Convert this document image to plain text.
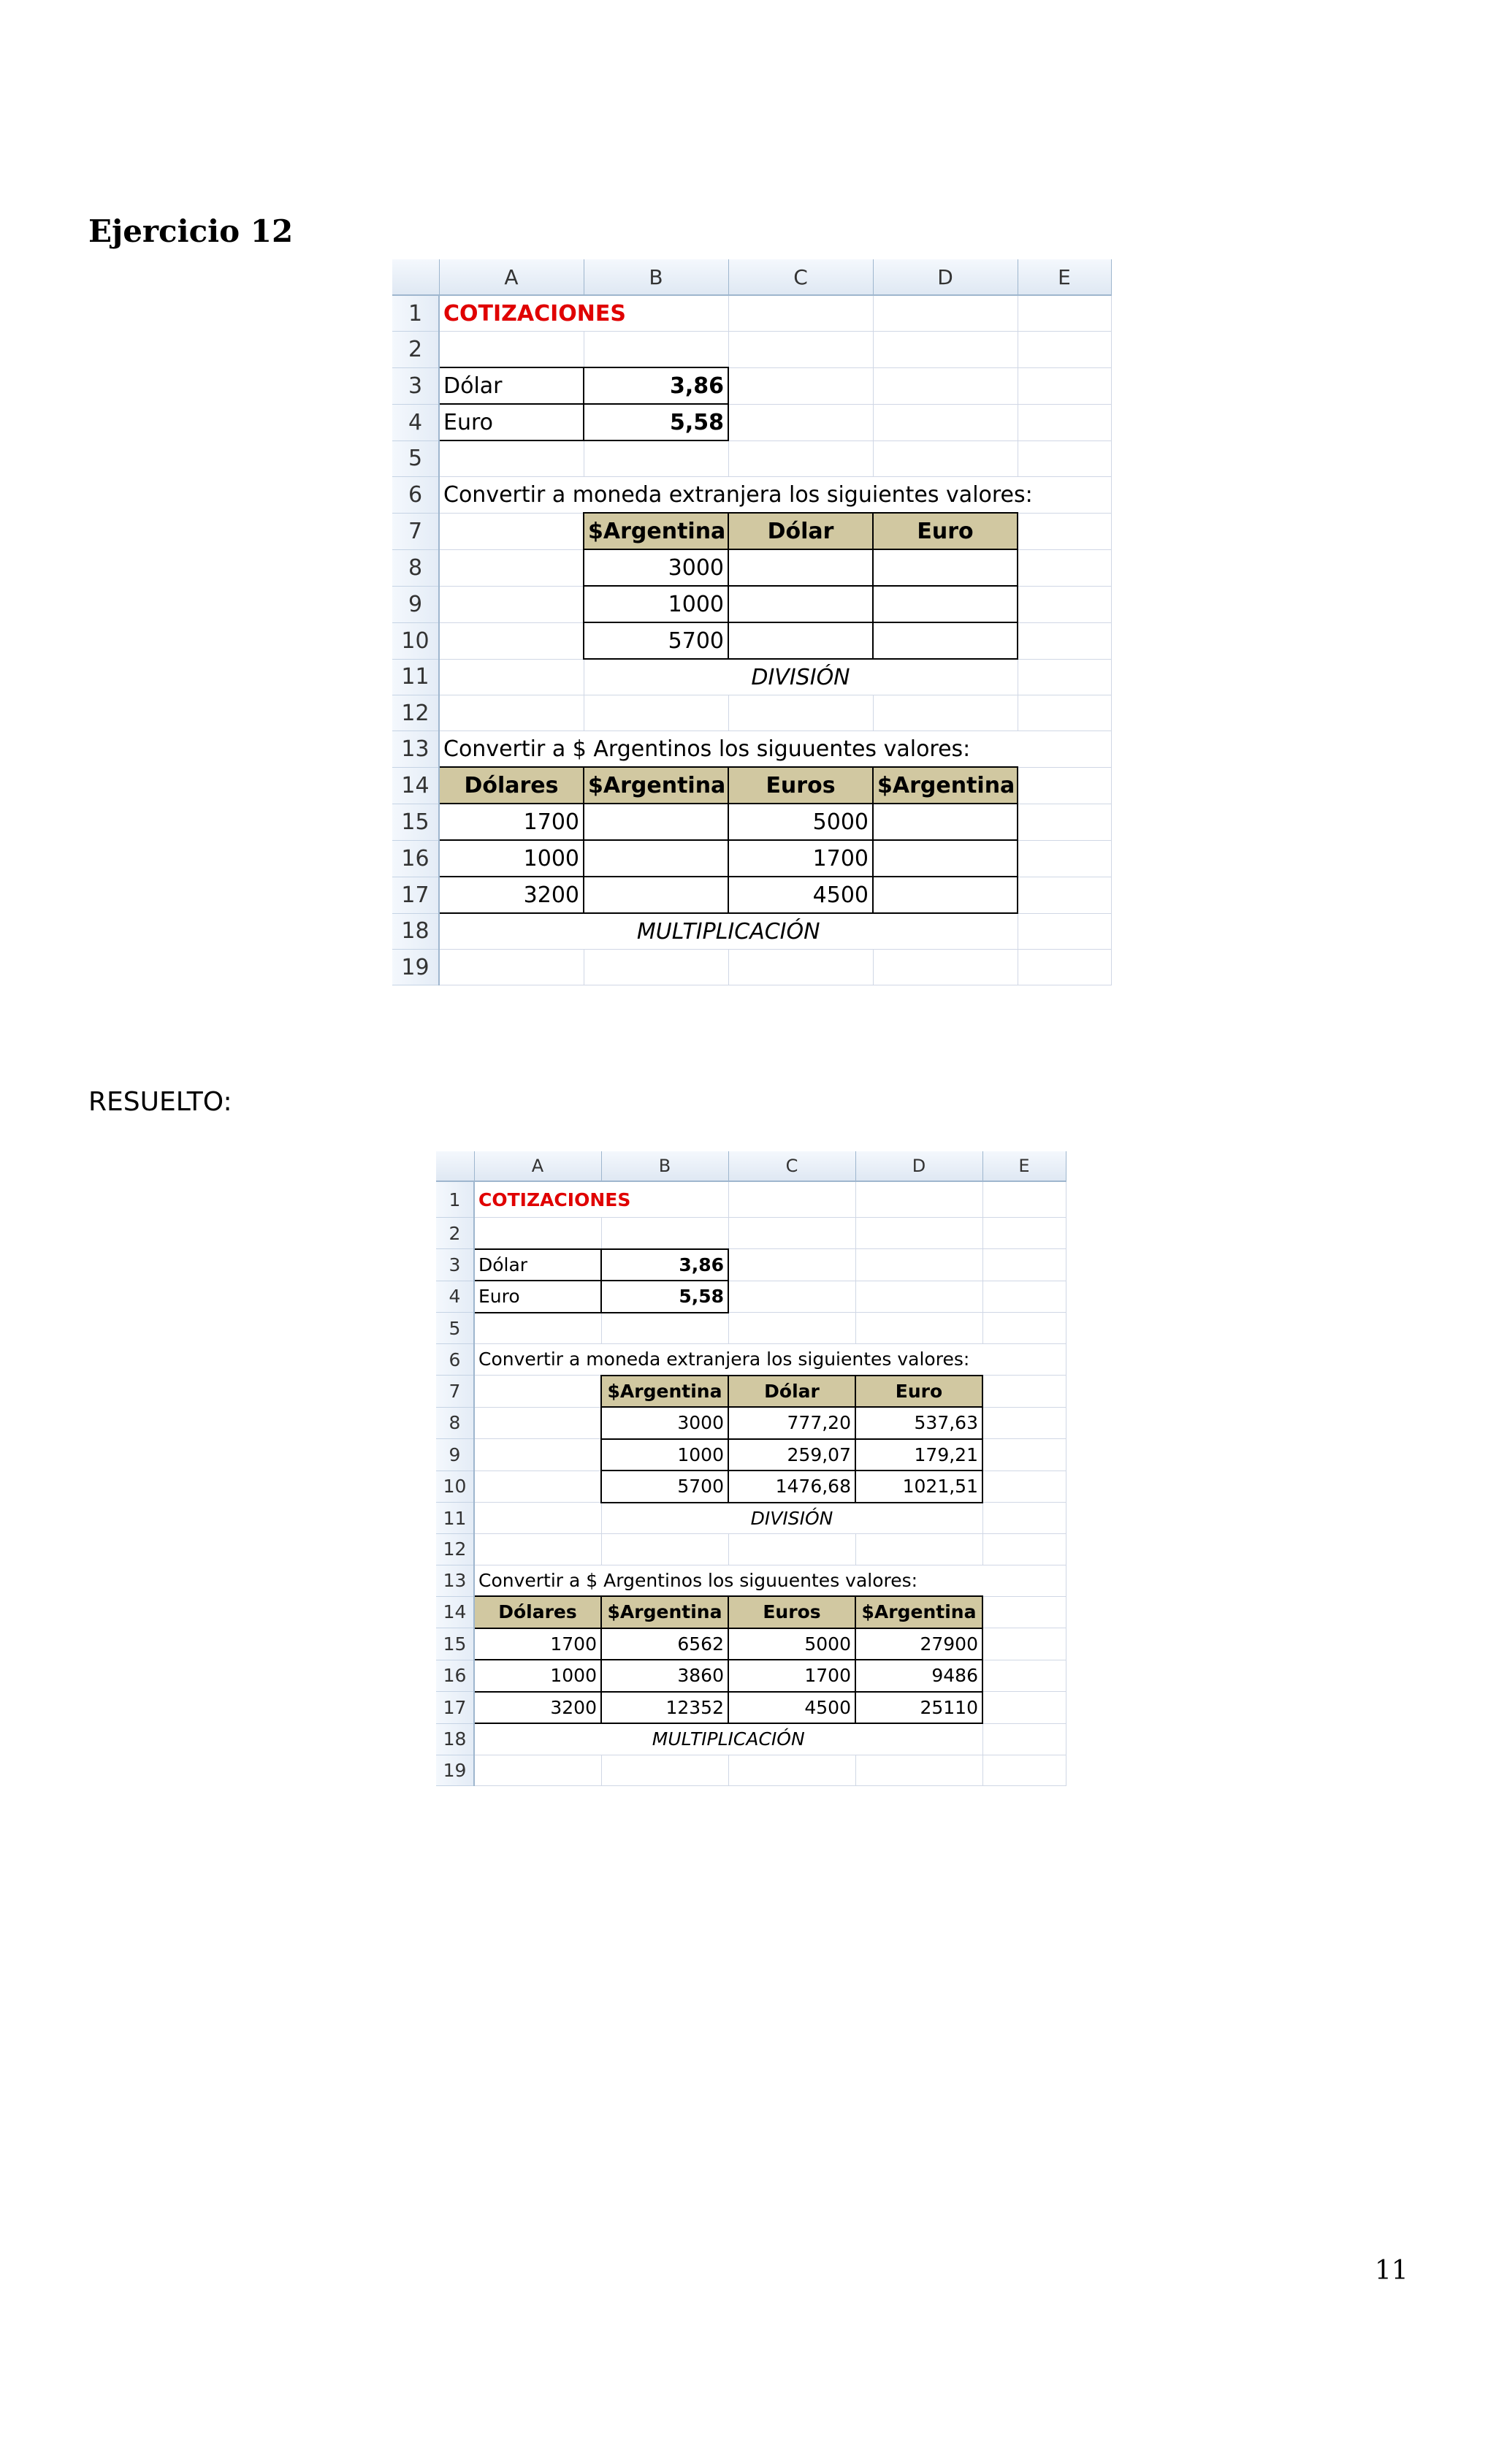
Ejercicio 12
	A	B	C	D	E
1	COTIZACIONES				
2					
3	Dólar	3,86			
4	Euro	5,58			
5					
6	Convertir a moneda extranjera los siguientes valores:				
7		$Argentina	Dólar	Euro	
8		3000			
9		1000			
10		5700			
11		DIVISIÓN			
12					
13	Convertir a $ Argentinos los siguuentes valores:				
14	Dólares	$Argentina	Euros	$Argentina	
15	1700		5000		
16	1000		1700		
17	3200		4500		
18	MULTIPLICACIÓN				
19					
RESUELTO:
	A	B	C	D	E
1	COTIZACIONES				
2					
3	Dólar	3,86			
4	Euro	5,58			
5					
6	Convertir a moneda extranjera los siguientes valores:				
7		$Argentina	Dólar	Euro	
8		3000	777,20	537,63	
9		1000	259,07	179,21	
10		5700	1476,68	1021,51	
11		DIVISIÓN			
12					
13	Convertir a $ Argentinos los siguuentes valores:				
14	Dólares	$Argentina	Euros	$Argentina	
15	1700	6562	5000	27900	
16	1000	3860	1700	9486	
17	3200	12352	4500	25110	
18	MULTIPLICACIÓN				
19					
11
